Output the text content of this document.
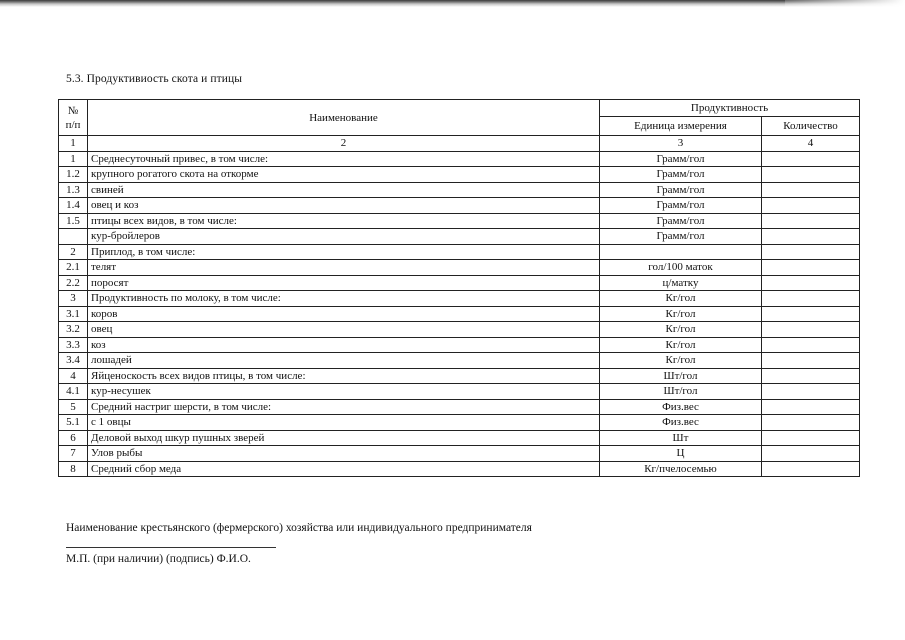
5.3. Продуктивиость скота и птицы
№
п/п	Наименование	Продуктивность	
		Единица измерения	Количество
1	2	3	4
1	Среднесуточный привес, в том числе:	Грамм/гол	
1.2	крупного рогатого скота на откорме	Грамм/гол	
1.3	свиней	Грамм/гол	
1.4	овец и коз	Грамм/гол	
1.5	птицы всех видов, в том числе:	Грамм/гол	
	кур-бройлеров	Грамм/гол	
2	Приплод, в том числе:		
2.1	телят	гол/100 маток	
2.2	поросят	ц/матку	
3	Продуктивность по молоку, в том числе:	Кг/гол	
3.1	коров	Кг/гол	
3.2	овец	Кг/гол	
3.3	коз	Кг/гол	
3.4	лошадей	Кг/гол	
4	Яйценоскость всех видов птицы, в том числе:	Шт/гол	
4.1	кур-несушек	Шт/гол	
5	Средний настриг шерсти, в том числе:	Физ.вес	
5.1	с 1 овцы	Физ.вес	
6	Деловой выход шкур пушных зверей	Шт	
7	Улов рыбы	Ц	
8	Средний сбор меда	Кг/пчелосемью	
Наименование крестьянского (фермерского) хозяйства или индивидуального предпринимателя
М.П. (при наличии) (подпись) Ф.И.О.
